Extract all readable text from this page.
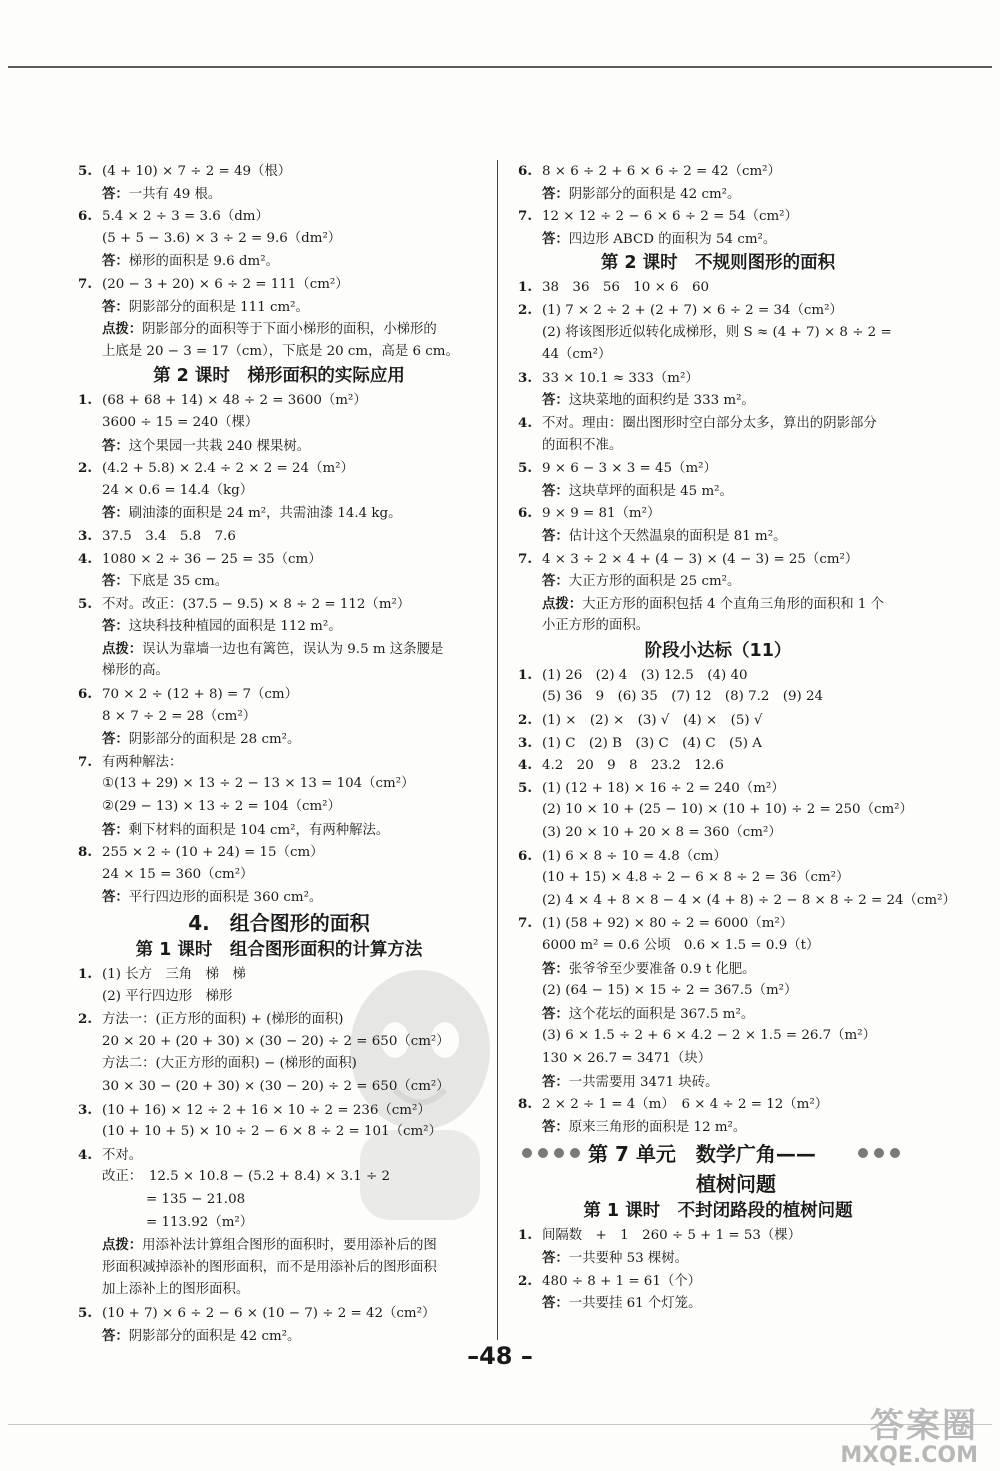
5. (4 + 10) × 7 ÷ 2 = 49（根）
答：一共有 49 根。
6. 5.4 × 2 ÷ 3 = 3.6（dm）
(5 + 5 − 3.6) × 3 ÷ 2 = 9.6（dm²）
答：梯形的面积是 9.6 dm²。
7. (20 − 3 + 20) × 6 ÷ 2 = 111（cm²）
答：阴影部分的面积是 111 cm²。
点拨：阴影部分的面积等于下面小梯形的面积，小梯形的
上底是 20 − 3 = 17（cm），下底是 20 cm，高是 6 cm。
第 2 课时　梯形面积的实际应用
1. (68 + 68 + 14) × 48 ÷ 2 = 3600（m²）
3600 ÷ 15 = 240（棵）
答：这个果园一共栽 240 棵果树。
2. (4.2 + 5.8) × 2.4 ÷ 2 × 2 = 24（m²）
24 × 0.6 = 14.4（kg）
答：刷油漆的面积是 24 m²，共需油漆 14.4 kg。
3. 37.5　3.4　5.8　7.6
4. 1080 × 2 ÷ 36 − 25 = 35（cm）
答：下底是 35 cm。
5. 不对。改正：(37.5 − 9.5) × 8 ÷ 2 = 112（m²）
答：这块科技种植园的面积是 112 m²。
点拨：误认为靠墙一边也有篱笆，误认为 9.5 m 这条腰是
梯形的高。
6. 70 × 2 ÷ (12 + 8) = 7（cm）
8 × 7 ÷ 2 = 28（cm²）
答：阴影部分的面积是 28 cm²。
7. 有两种解法：
①(13 + 29) × 13 ÷ 2 − 13 × 13 = 104（cm²）
②(29 − 13) × 13 ÷ 2 = 104（cm²）
答：剩下材料的面积是 104 cm²，有两种解法。
8. 255 × 2 ÷ (10 + 24) = 15（cm）
24 × 15 = 360（cm²）
答：平行四边形的面积是 360 cm²。
4.　组合图形的面积
第 1 课时　组合图形面积的计算方法
1. (1) 长方　三角　梯　梯
(2) 平行四边形　梯形
2. 方法一：(正方形的面积) + (梯形的面积)
20 × 20 + (20 + 30) × (30 − 20) ÷ 2 = 650（cm²）
方法二：(大正方形的面积) − (梯形的面积)
30 × 30 − (20 + 30) × (30 − 20) ÷ 2 = 650（cm²）
3. (10 + 16) × 12 ÷ 2 + 16 × 10 ÷ 2 = 236（cm²）
(10 + 10 + 5) × 10 ÷ 2 − 6 × 8 ÷ 2 = 101（cm²）
4. 不对。
改正：　12.5 × 10.8 − (5.2 + 8.4) × 3.1 ÷ 2
= 135 − 21.08
= 113.92（m²）
点拨：用添补法计算组合图形的面积时，要用添补后的图
形面积减掉添补的图形面积，而不是用添补后的图形面积
加上添补上的图形面积。
5. (10 + 7) × 6 ÷ 2 − 6 × (10 − 7) ÷ 2 = 42（cm²）
答：阴影部分的面积是 42 cm²。
6. 8 × 6 ÷ 2 + 6 × 6 ÷ 2 = 42（cm²）
答：阴影部分的面积是 42 cm²。
7. 12 × 12 ÷ 2 − 6 × 6 ÷ 2 = 54（cm²）
答：四边形 ABCD 的面积为 54 cm²。
第 2 课时　不规则图形的面积
1. 38　36　56　10 × 6　60
2. (1) 7 × 2 ÷ 2 + (2 + 7) × 6 ÷ 2 = 34（cm²）
(2) 将该图形近似转化成梯形，则 S ≈ (4 + 7) × 8 ÷ 2 =
44（cm²）
3. 33 × 10.1 ≈ 333（m²）
答：这块菜地的面积约是 333 m²。
4. 不对。理由：圈出图形时空白部分太多，算出的阴影部分
的面积不准。
5. 9 × 6 − 3 × 3 = 45（m²）
答：这块草坪的面积是 45 m²。
6. 9 × 9 = 81（m²）
答：估计这个天然温泉的面积是 81 m²。
7. 4 × 3 ÷ 2 × 4 + (4 − 3) × (4 − 3) = 25（cm²）
答：大正方形的面积是 25 cm²。
点拨：大正方形的面积包括 4 个直角三角形的面积和 1 个
小正方形的面积。
阶段小达标（11）
1. (1) 26　(2) 4　(3) 12.5　(4) 40
(5) 36　9　(6) 35　(7) 12　(8) 7.2　(9) 24
2. (1) ×　(2) ×　(3) √　(4) ×　(5) √
3. (1) C　(2) B　(3) C　(4) C　(5) A
4. 4.2　20　9　8　23.2　12.6
5. (1) (12 + 18) × 16 ÷ 2 = 240（m²）
(2) 10 × 10 + (25 − 10) × (10 + 10) ÷ 2 = 250（cm²）
(3) 20 × 10 + 20 × 8 = 360（cm²）
6. (1) 6 × 8 ÷ 10 = 4.8（cm）
(10 + 15) × 4.8 ÷ 2 − 6 × 8 ÷ 2 = 36（cm²）
(2) 4 × 4 + 8 × 8 − 4 × (4 + 8) ÷ 2 − 8 × 8 ÷ 2 = 24（cm²）
7. (1) (58 + 92) × 80 ÷ 2 = 6000（m²）
6000 m² = 0.6 公顷　0.6 × 1.5 = 0.9（t）
答：张爷爷至少要准备 0.9 t 化肥。
(2) (64 − 15) × 15 ÷ 2 = 367.5（m²）
答：这个花坛的面积是 367.5 m²。
(3) 6 × 1.5 ÷ 2 + 6 × 4.2 − 2 × 1.5 = 26.7（m²）
130 × 26.7 = 3471（块）
答：一共需要用 3471 块砖。
8. 2 × 2 ÷ 1 = 4（m）　6 × 4 ÷ 2 = 12（m²）
答：原来三角形的面积是 12 m²。
第 7 单元　数学广角——
植树问题
第 1 课时　不封闭路段的植树问题
1. 间隔数　+　1　260 ÷ 5 + 1 = 53（棵）
答：一共要种 53 棵树。
2. 480 ÷ 8 + 1 = 61（个）
答：一共要挂 61 个灯笼。
–48 –
答案圈
MXQE.COM
